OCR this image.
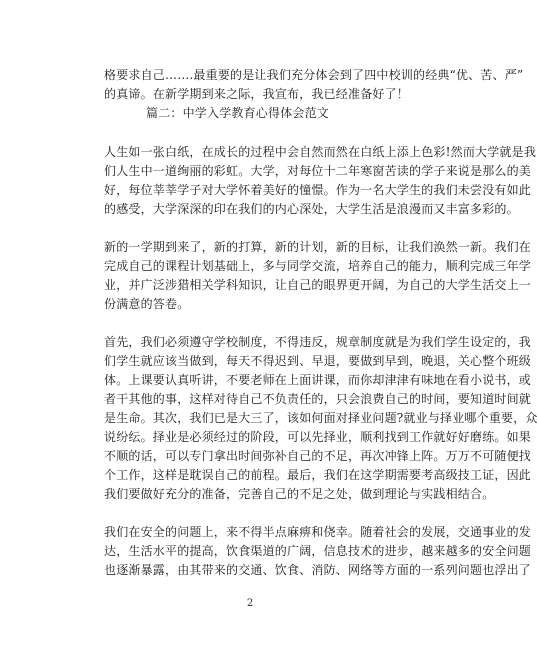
格要求自己…….最重要的是让我们充分体会到了四中校训的经典“优、苦、严”
的真谛。在新学期到来之际，我宣布，我已经准备好了！
篇二：中学入学教育心得体会范文
人生如一张白纸，在成长的过程中会自然而然在白纸上添上色彩!然而大学就是我
们人生中一道绚丽的彩虹。大学，对每位十二年寒窗苦读的学子来说是那么的美
好，每位莘莘学子对大学怀着美好的憧憬。作为一名大学生的我们未尝没有如此
的感受，大学深深的印在我们的内心深处，大学生活是浪漫而又丰富多彩的。
新的一学期到来了，新的打算，新的计划，新的目标，让我们涣然一新。我们在
完成自己的课程计划基础上，多与同学交流，培养自己的能力，顺利完成三年学
业，并广泛涉猎相关学科知识，让自己的眼界更开阔，为自己的大学生活交上一
份满意的答卷。
首先，我们必须遵守学校制度，不得违反，规章制度就是为我们学生设定的，我
们学生就应该当做到，每天不得迟到、早退，要做到早到，晚退，关心整个班级
体。上课要认真听讲，不要老师在上面讲课，而你却津津有味地在看小说书，或
者干其他的事，这样对待自己不负责任的，只会浪费自己的时间，要知道时间就
是生命。其次，我们已是大三了，该如何面对择业问题?就业与择业哪个重要，众
说纷纭。择业是必须经过的阶段，可以先择业，顺利找到工作就好好磨练。如果
不顺的话，可以专门拿出时间弥补自己的不足，再次冲锋上阵。万万不可随便找
个工作，这样是耽误自己的前程。最后，我们在这学期需要考高级技工证，因此
我们要做好充分的准备，完善自己的不足之处，做到理论与实践相结合。
我们在安全的问题上，来不得半点麻痹和侥幸。随着社会的发展，交通事业的发
达，生活水平的提高，饮食渠道的广阔，信息技术的进步，越来越多的安全问题
也逐渐暴露，由其带来的交通、饮食、消防、网络等方面的一系列问题也浮出了
2
